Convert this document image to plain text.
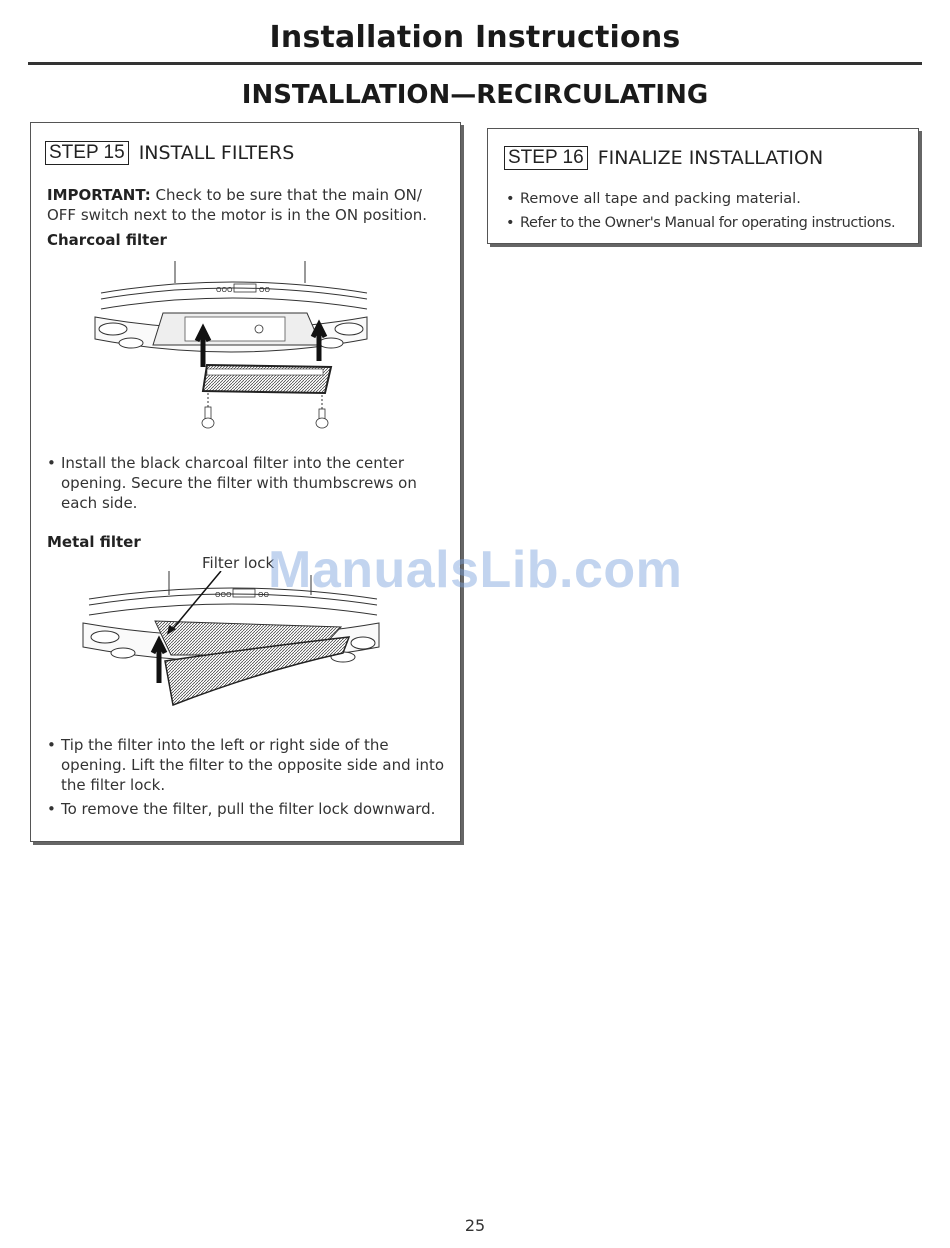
Installation Instructions
INSTALLATION—RECIRCULATING
STEP 15 INSTALL FILTERS
IMPORTANT: Check to be sure that the main ON/ OFF switch next to the motor is in the ON position.
Charcoal filter
OOO	OO
• Install the black charcoal filter into the center opening. Secure the filter with thumbscrews on each side.
Metal filter
Filter lock
OOO	OO
• Tip the filter into the left or right side of the opening. Lift the filter to the opposite side and into the filter lock.
• To remove the filter, pull the filter lock downward.
STEP 16 FINALIZE INSTALLATION
• Remove all tape and packing material.
• Refer to the Owner's Manual for operating instructions.
ManualsLib.com
25
